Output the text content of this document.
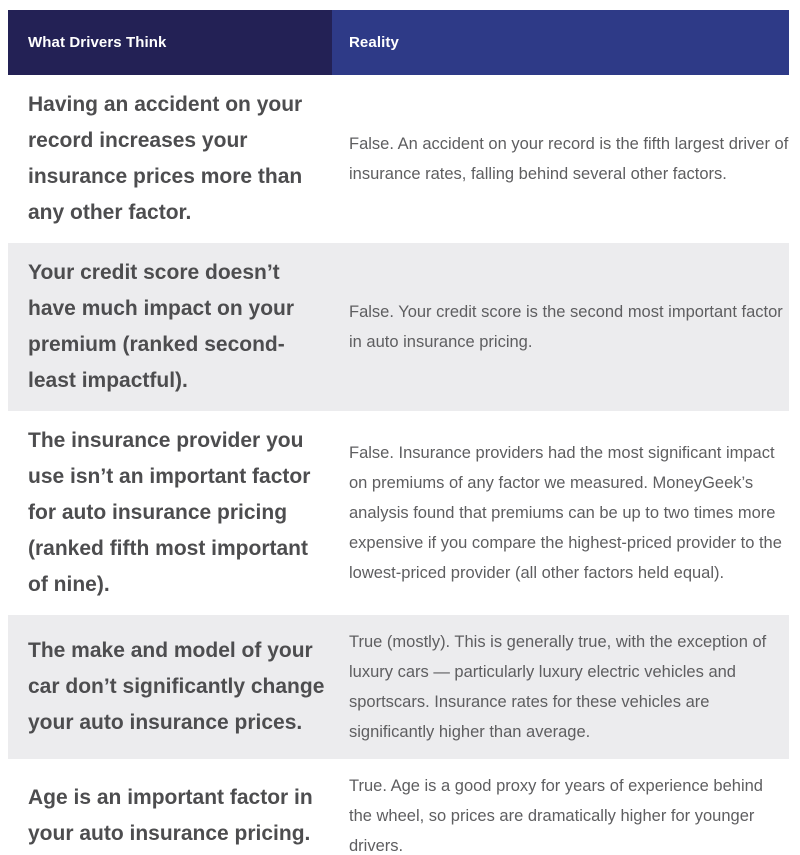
What Drivers Think	Reality
Having an accident on your record increases your insurance prices more than any other factor.
False. An accident on your record is the fifth largest driver of insurance rates, falling behind several other factors.
Your credit score doesn’t have much impact on your premium (ranked second-least impactful).
False. Your credit score is the second most important factor in auto insurance pricing.
The insurance provider you use isn’t an important factor for auto insurance pricing (ranked fifth most important of nine).
False. Insurance providers had the most significant impact on premiums of any factor we measured. MoneyGeek’s analysis found that premiums can be up to two times more expensive if you compare the highest-priced provider to the lowest-priced provider (all other factors held equal).
The make and model of your car don’t significantly change your auto insurance prices.
True (mostly). This is generally true, with the exception of luxury cars — particularly luxury electric vehicles and sportscars. Insurance rates for these vehicles are significantly higher than average.
Age is an important factor in your auto insurance pricing.
True. Age is a good proxy for years of experience behind the wheel, so prices are dramatically higher for younger drivers.
